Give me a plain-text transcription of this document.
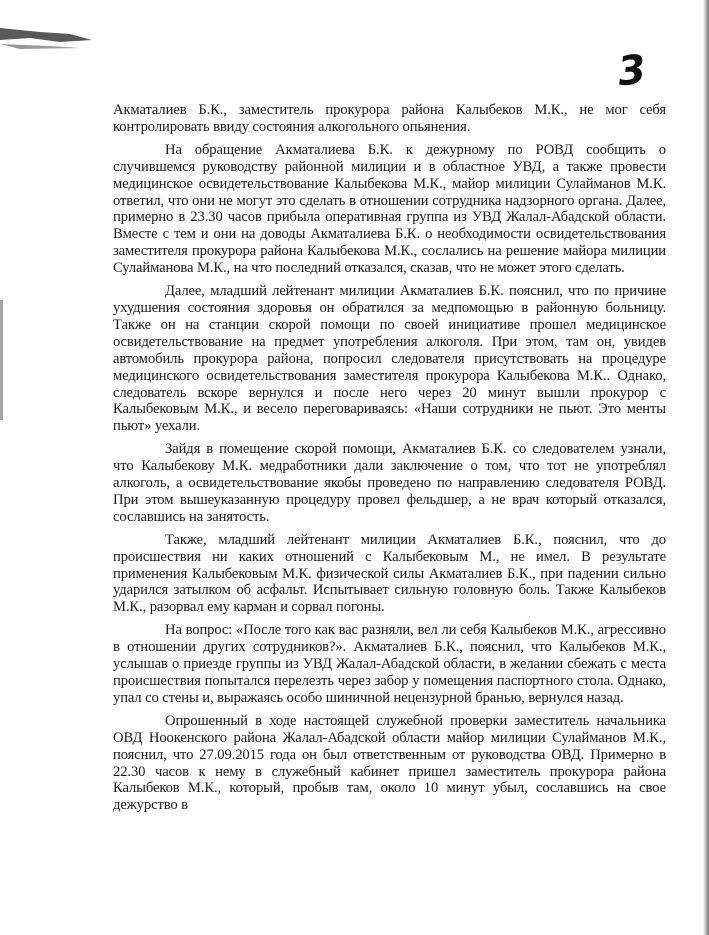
3

Акматалиев Б.К., заместитель прокурора района Калыбеков М.К., не мог себя контролировать ввиду состояния алкогольного опьянения.

На обращение Акматалиева Б.К. к дежурному по РОВД сообщить о случившемся руководству районной милиции и в областное УВД, а также провести медицинское освидетельствование Калыбекова М.К., майор милиции Сулайманов М.К. ответил, что они не могут это сделать в отношении сотрудника надзорного органа. Далее, примерно в 23.30 часов прибыла оперативная группа из УВД Жалал-Абадской области. Вместе с тем и они на доводы Акматалиева Б.К. о необходимости освидетельствования заместителя прокурора района Калыбекова М.К., сослались на решение майора милиции Сулайманова М.К., на что последний отказался, сказав, что не может этого сделать.

Далее, младший лейтенант милиции Акматалиев Б.К. пояснил, что по причине ухудшения состояния здоровья он обратился за медпомощью в районную больницу. Также он на станции скорой помощи по своей инициативе прошел медицинское освидетельствование на предмет употребления алкоголя. При этом, там он, увидев автомобиль прокурора района, попросил следователя присутствовать на процедуре медицинского освидетельствования заместителя прокурора Калыбекова М.К.. Однако, следователь вскоре вернулся и после него через 20 минут вышли прокурор с Калыбековым М.К., и весело переговариваясь: «Наши сотрудники не пьют. Это менты пьют» уехали.

Зайдя в помещение скорой помощи, Акматалиев Б.К. со следователем узнали, что Калыбекову М.К. медработники дали заключение о том, что тот не употреблял алкоголь, а освидетельствование якобы проведено по направлению следователя РОВД. При этом вышеуказанную процедуру провел фельдшер, а не врач который отказался, сославшись на занятость.

Также, младший лейтенант милиции Акматалиев Б.К., пояснил, что до происшествия ни каких отношений с Калыбековым М., не имел. В результате применения Калыбековым М.К. физической силы Акматалиев Б.К., при падении сильно ударился затылком об асфальт. Испытывает сильную головную боль. Также Калыбеков М.К., разорвал ему карман и сорвал погоны.

На вопрос: «После того как вас разняли, вел ли себя Калыбеков М.К., агрессивно в отношении других сотрудников?». Акматалиев Б.К., пояснил, что Калыбеков М.К., услышав о приезде группы из УВД Жалал-Абадской области, в желании сбежать с места происшествия попытался перелезть через забор у помещения паспортного стола. Однако, упал со стены и, выражаясь особо шиничной нецензурной бранью, вернулся назад.

Опрошенный в ходе настоящей служебной проверки заместитель начальника ОВД Ноокенского района Жалал-Абадской области майор милиции Сулайманов М.К., пояснил, что 27.09.2015 года он был ответственным от руководства ОВД. Примерно в 22.30 часов к нему в служебный кабинет пришел заместитель прокурора района Калыбеков М.К., который, пробыв там, около 10 минут убыл, сославшись на свое дежурство в
